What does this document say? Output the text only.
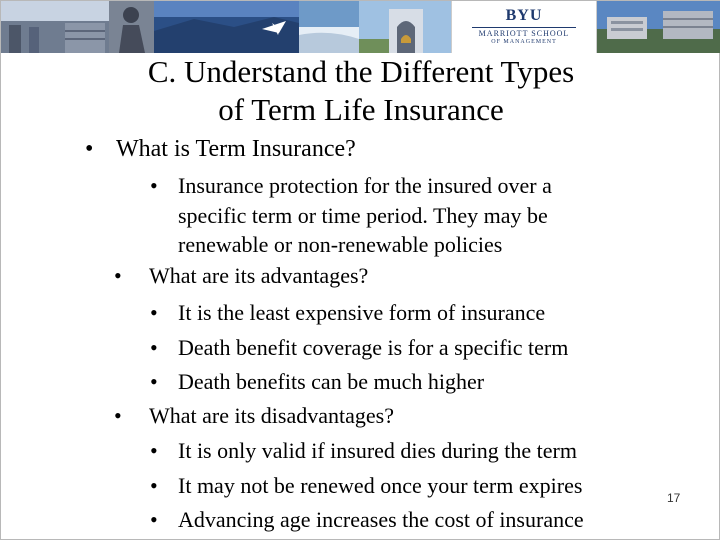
BYU
MARRIOTT SCHOOL
OF MANAGEMENT
C. Understand the Different Types
of Term Life Insurance
• What is Term Insurance?
• Insurance protection for the insured over a
specific term or time period. They may be
renewable or non-renewable policies
• What are its advantages?
• It is the least expensive form of insurance
• Death benefit coverage is for a specific term
• Death benefits can be much higher
• What are its disadvantages?
• It is only valid if insured dies during the term
• It may not be renewed once your term expires
• Advancing age increases the cost of insurance
17
